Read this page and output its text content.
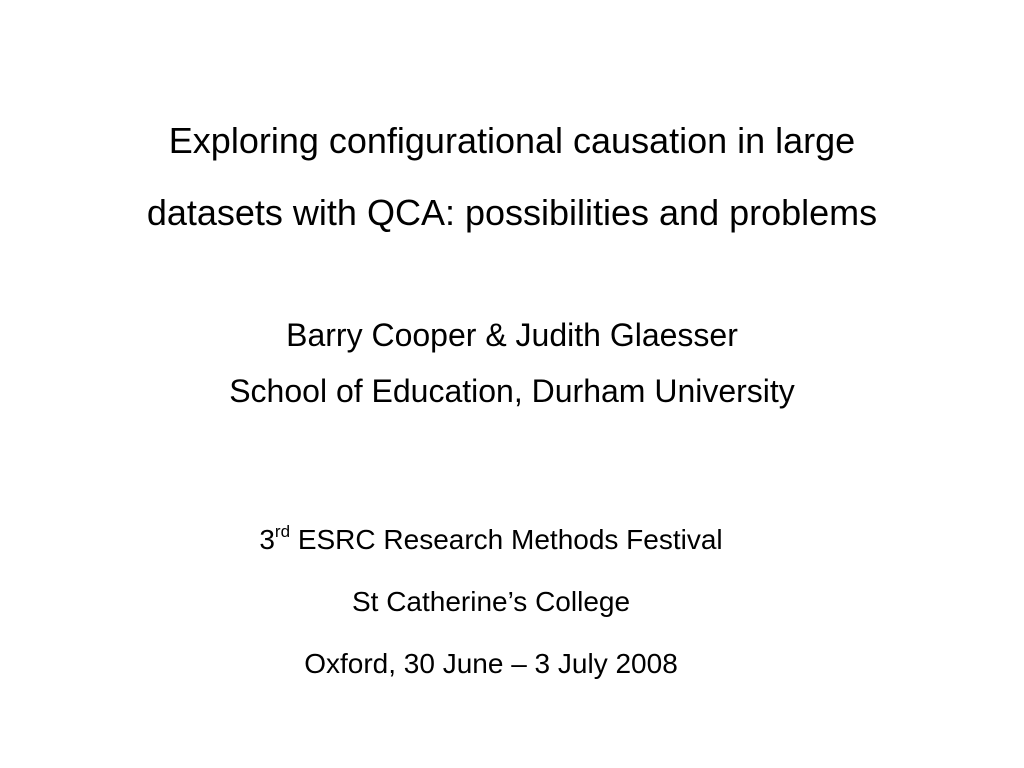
Exploring configurational causation in large
datasets with QCA: possibilities and problems
Barry Cooper & Judith Glaesser
School of Education, Durham University
3rd ESRC Research Methods Festival
St Catherine’s College
Oxford, 30 June – 3 July 2008
